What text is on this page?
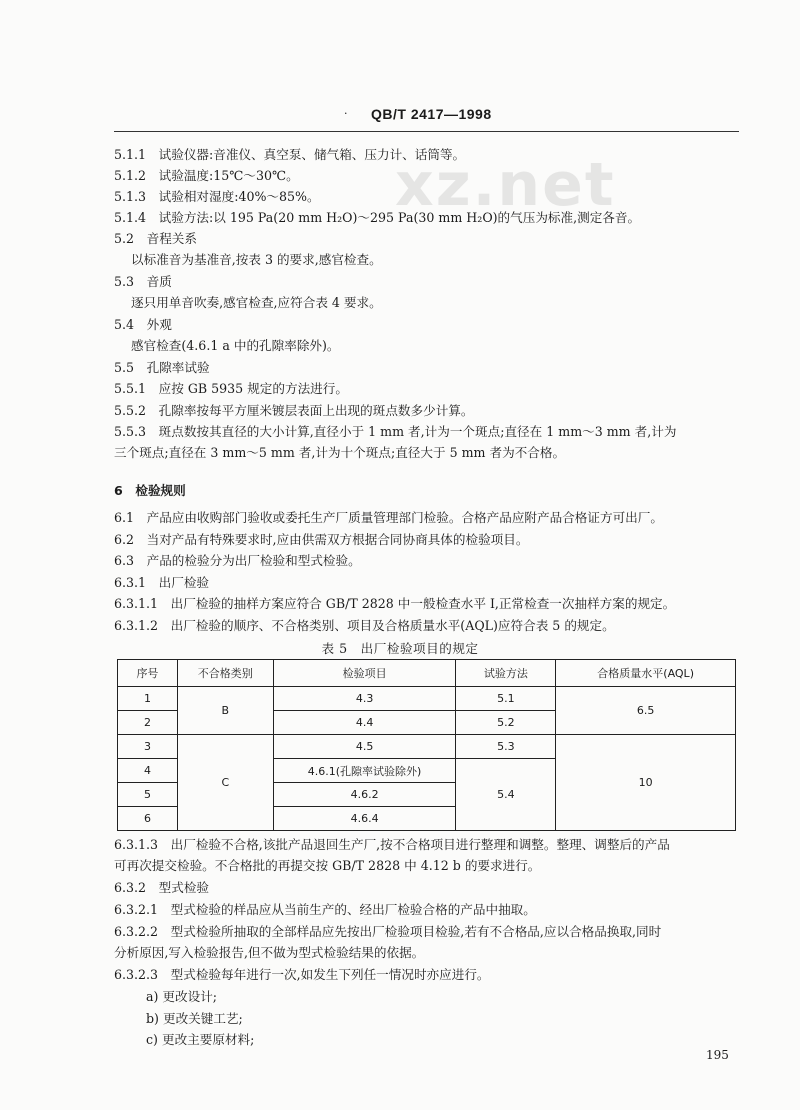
· QB/T 2417—1998
xz.net
5.1.1　试验仪器:音准仪、真空泵、储气箱、压力计、话筒等。
5.1.2　试验温度:15℃～30℃。
5.1.3　试验相对湿度:40%～85%。
5.1.4　试验方法:以 195 Pa(20 mm H₂O)～295 Pa(30 mm H₂O)的气压为标准,测定各音。
5.2　音程关系
以标准音为基准音,按表 3 的要求,感官检查。
5.3　音质
逐只用单音吹奏,感官检查,应符合表 4 要求。
5.4　外观
感官检查(4.6.1 a 中的孔隙率除外)。
5.5　孔隙率试验
5.5.1　应按 GB 5935 规定的方法进行。
5.5.2　孔隙率按每平方厘米镀层表面上出现的斑点数多少计算。
5.5.3　斑点数按其直径的大小计算,直径小于 1 mm 者,计为一个斑点;直径在 1 mm～3 mm 者,计为
三个斑点;直径在 3 mm～5 mm 者,计为十个斑点;直径大于 5 mm 者为不合格。
6　检验规则
6.1　产品应由收购部门验收或委托生产厂质量管理部门检验。合格产品应附产品合格证方可出厂。
6.2　当对产品有特殊要求时,应由供需双方根据合同协商具体的检验项目。
6.3　产品的检验分为出厂检验和型式检验。
6.3.1　出厂检验
6.3.1.1　出厂检验的抽样方案应符合 GB/T 2828 中一般检查水平 Ⅰ,正常检查一次抽样方案的规定。
6.3.1.2　出厂检验的顺序、不合格类别、项目及合格质量水平(AQL)应符合表 5 的规定。
表 5　出厂检验项目的规定
序号	不合格类别	检验项目	试验方法	合格质量水平(AQL)
1	B	4.3	5.1	6.5
2		4.4	5.2	
3	C	4.5	5.3	10
4		4.6.1(孔隙率试验除外)	5.4	
5		4.6.2		
6		4.6.4		
6.3.1.3　出厂检验不合格,该批产品退回生产厂,按不合格项目进行整理和调整。整理、调整后的产品
可再次提交检验。不合格批的再提交按 GB/T 2828 中 4.12 b 的要求进行。
6.3.2　型式检验
6.3.2.1　型式检验的样品应从当前生产的、经出厂检验合格的产品中抽取。
6.3.2.2　型式检验所抽取的全部样品应先按出厂检验项目检验,若有不合格品,应以合格品换取,同时
分析原因,写入检验报告,但不做为型式检验结果的依据。
6.3.2.3　型式检验每年进行一次,如发生下列任一情况时亦应进行。
a) 更改设计;
b) 更改关键工艺;
c) 更改主要原材料;
195
